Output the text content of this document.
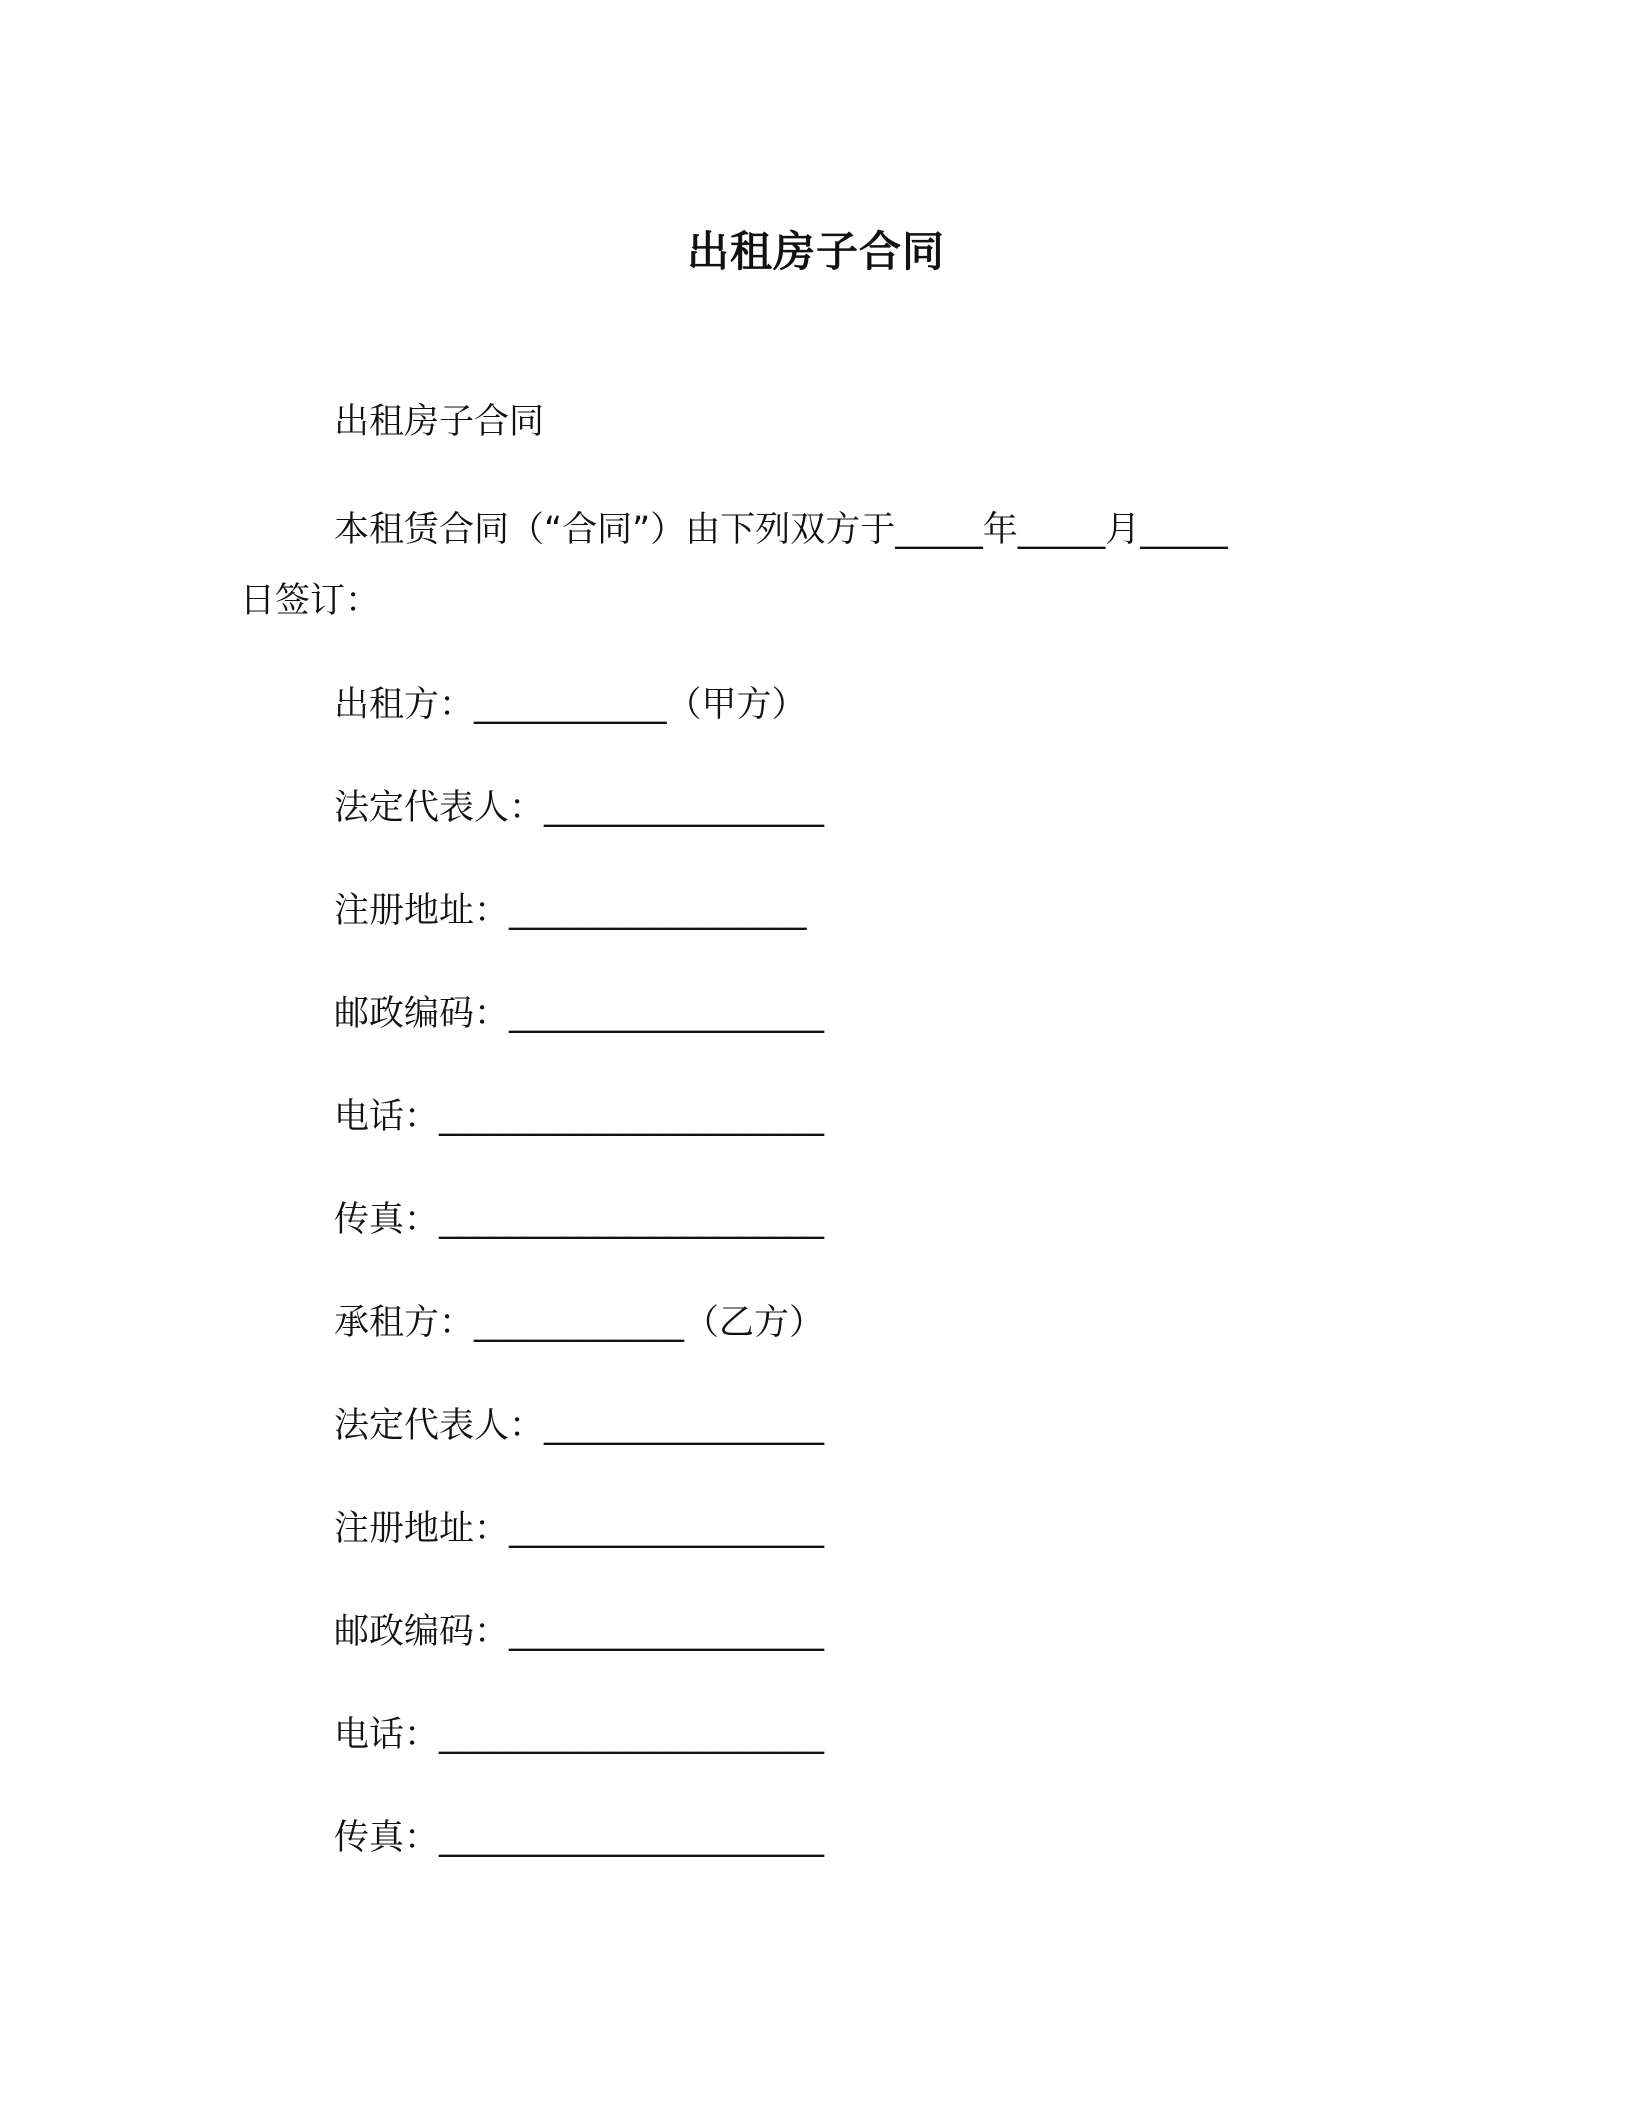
出租房子合同
出租房子合同
本租赁合同（“合同”）由下列双方于_____年_____月_____
日签订：
出租方：___________（甲方）
法定代表人：________________
注册地址：_________________
邮政编码：__________________
电话：______________________
传真：______________________
承租方：____________（乙方）
法定代表人：________________
注册地址：__________________
邮政编码：__________________
电话：______________________
传真：______________________
